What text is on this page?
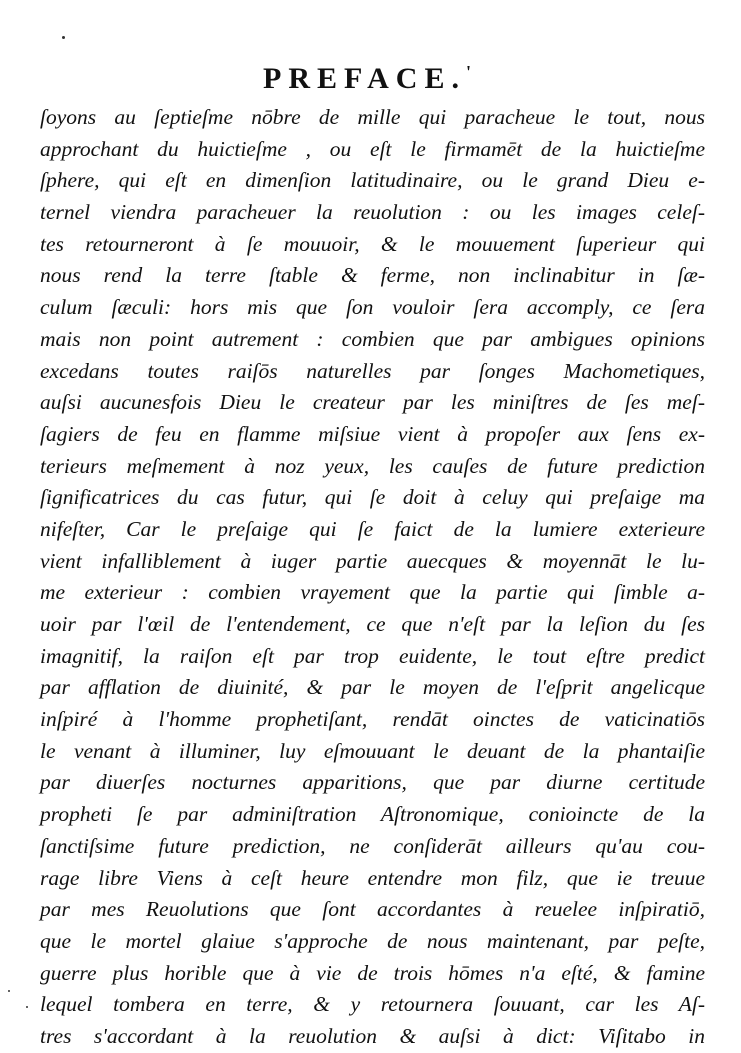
PREFACE.'
ſoyons au ſeptieſme nōbre de mille qui paracheue le tout, nous
approchant du huictieſme , ou eſt le firmamēt de la huictieſme
ſphere, qui eſt en dimenſion latitudinaire, ou le grand Dieu e-
ternel viendra paracheuer la reuolution : ou les images celeſ-
tes retourneront à ſe mouuoir, & le mouuement ſuperieur qui
nous rend la terre ſtable & ferme, non inclinabitur in ſæ-
culum ſæculi: hors mis que ſon vouloir ſera accomply, ce ſera
mais non point autrement : combien que par ambigues opinions
excedans toutes raiſōs naturelles par ſonges Machometiques,
auſsi aucunesfois Dieu le createur par les miniſtres de ſes meſ-
ſagiers de feu en flamme miſsiue vient à propoſer aux ſens ex-
terieurs meſmement à noz yeux, les cauſes de future prediction
ſignificatrices du cas futur, qui ſe doit à celuy qui preſaige ma
nifeſter, Car le preſaige qui ſe faict de la lumiere exterieure
vient infalliblement à iuger partie auecques & moyennāt le lu-
me exterieur : combien vrayement que la partie qui ſimble a-
uoir par l'œil de l'entendement, ce que n'eſt par la leſion du ſes
imagnitif, la raiſon eſt par trop euidente, le tout eſtre predict
par afflation de diuinité, & par le moyen de l'eſprit angelicque
inſpiré à l'homme prophetiſant, rendāt oinctes de vaticinatiōs
le venant à illuminer, luy eſmouuant le deuant de la phantaiſie
par diuerſes nocturnes apparitions, que par diurne certitude
propheti ſe par adminiſtration Aſtronomique, conioincte de la
ſanctiſsime future prediction, ne conſiderāt ailleurs qu'au cou-
rage libre Viens à ceſt heure entendre mon filz, que ie treuue
par mes Reuolutions que ſont accordantes à reuelee inſpiratiō,
que le mortel glaiue s'approche de nous maintenant, par peſte,
guerre plus horible que à vie de trois hōmes n'a eſté, & famine
lequel tombera en terre, & y retournera ſouuant, car les Aſ-
tres s'accordant à la reuolution & auſsi à dict: Viſitabo in
